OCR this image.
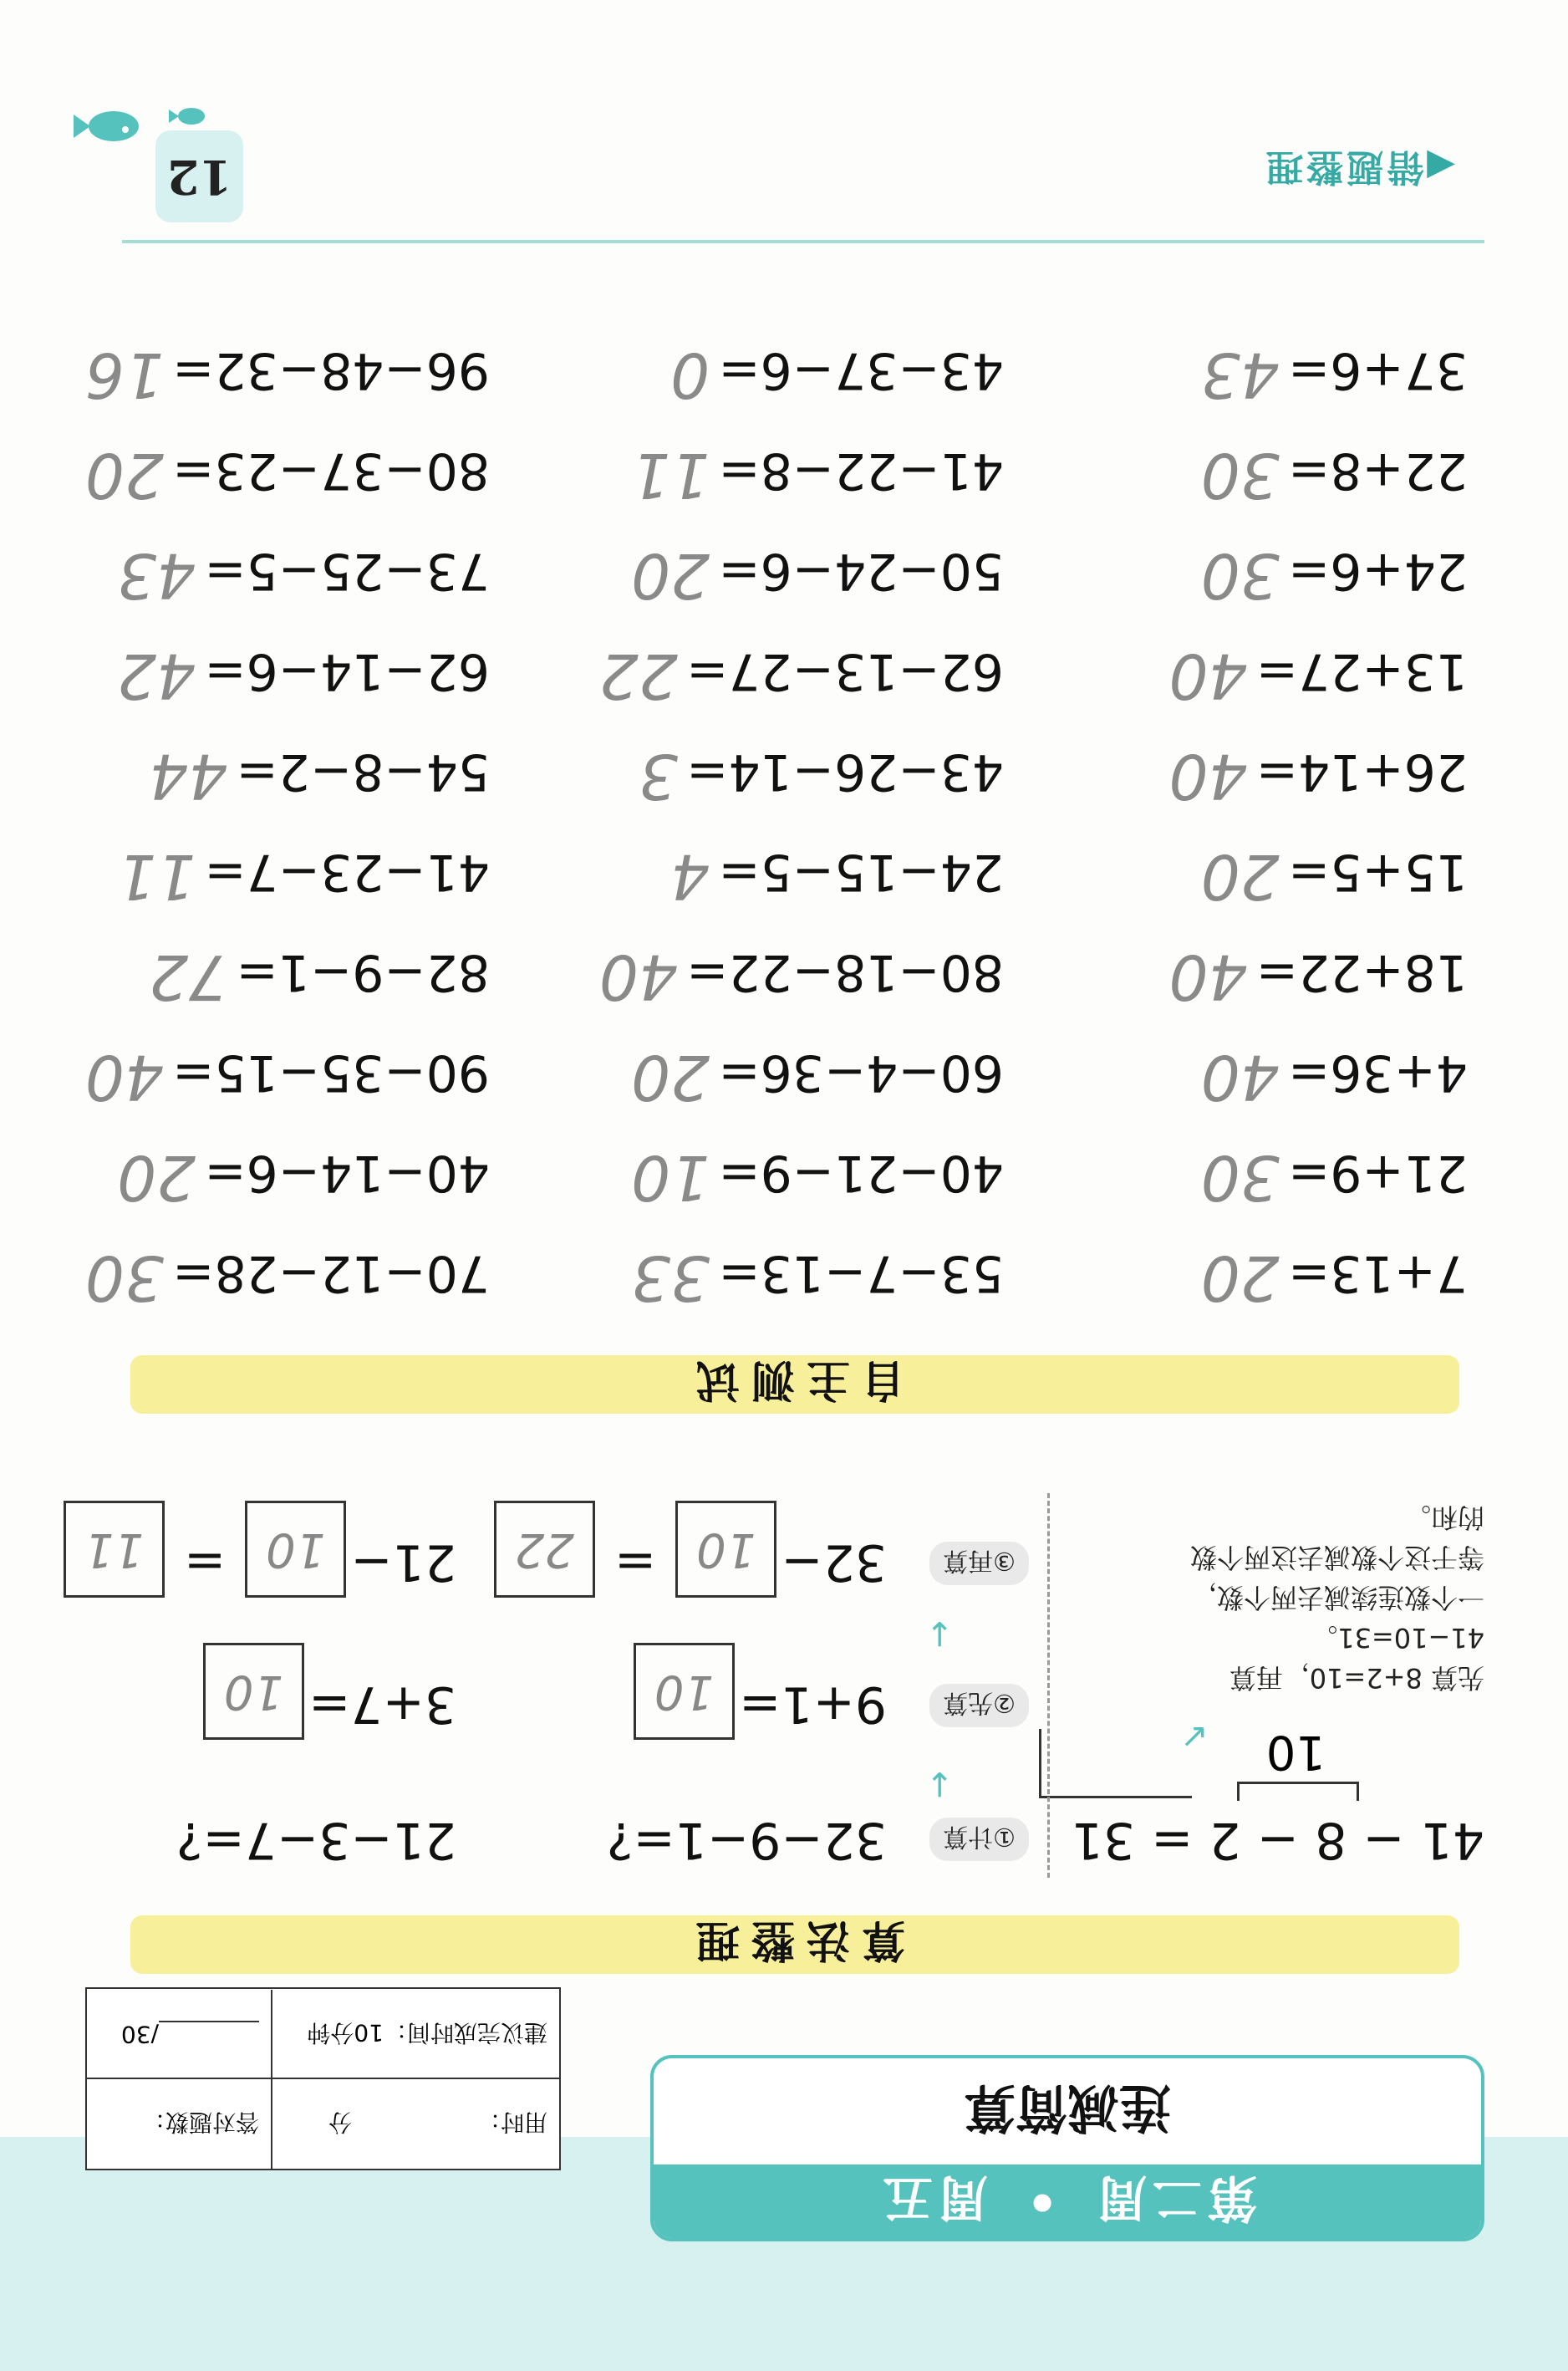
第二周
•
周五
连减简算
用时：
分
答对题数：
建议完成时间：10分钟
/30
算法整理
41 − 8 − 2 = 31
10
↙
先算 8+2=10，再算 41−10=31。
一个数连续减去两个数，
等于这个数减去这两个数
的和。
①计算
32−9−1=?
21−3−7=?
↓
②先算
9+1= 10
3+7= 10
↓
③再算
32− 10 = 22
21− 10 = 11
自主测试
7+13=20
21+9=30
4+36=40
18+22=40
15+5=20
26+14=40
13+27=40
24+6=30
22+8=30
37+6=43
53−7−13=33
40−21−9=10
60−4−36=20
80−18−22=40
24−15−5=4
43−26−14=3
62−13−27=22
50−24−6=20
41−22−8=11
43−37−6=0
70−12−28=30
40−14−6=20
90−35−15=40
82−9−1=72
41−23−7=11
54−8−2=44
62−14−6=42
73−25−5=43
80−37−23=20
96−48−32=16
12	◀错题整理
